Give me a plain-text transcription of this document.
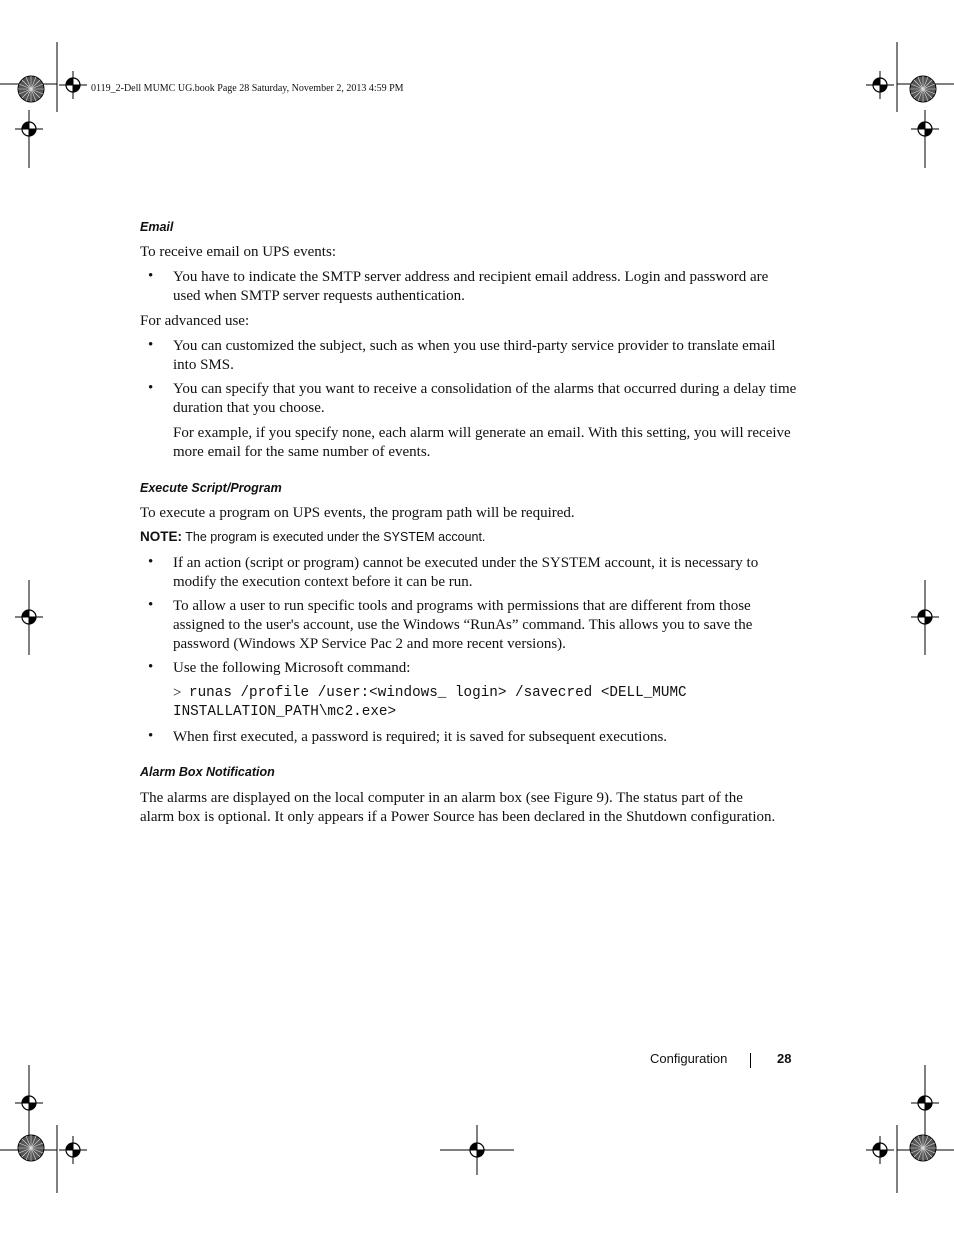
0119_2-Dell MUMC UG.book Page 28 Saturday, November 2, 2013 4:59 PM
Email
To receive email on UPS events:
• You have to indicate the SMTP server address and recipient email address. Login and password are
used when SMTP server requests authentication.
For advanced use:
• You can customized the subject, such as when you use third-party service provider to translate email
into SMS.
• You can specify that you want to receive a consolidation of the alarms that occurred during a delay time
duration that you choose.
For example, if you specify none, each alarm will generate an email. With this setting, you will receive
more email for the same number of events.
Execute Script/Program
To execute a program on UPS events, the program path will be required.
NOTE: The program is executed under the SYSTEM account.
• If an action (script or program) cannot be executed under the SYSTEM account, it is necessary to
modify the execution context before it can be run.
• To allow a user to run specific tools and programs with permissions that are different from those
assigned to the user's account, use the Windows “RunAs” command. This allows you to save the
password (Windows XP Service Pac 2 and more recent versions).
• Use the following Microsoft command:
> runas /profile /user:<windows_ login> /savecred <DELL_MUMC
INSTALLATION_PATH\mc2.exe>
• When first executed, a password is required; it is saved for subsequent executions.
Alarm Box Notification
The alarms are displayed on the local computer in an alarm box (see Figure 9). The status part of the
alarm box is optional. It only appears if a Power Source has been declared in the Shutdown configuration.
Configuration	28
